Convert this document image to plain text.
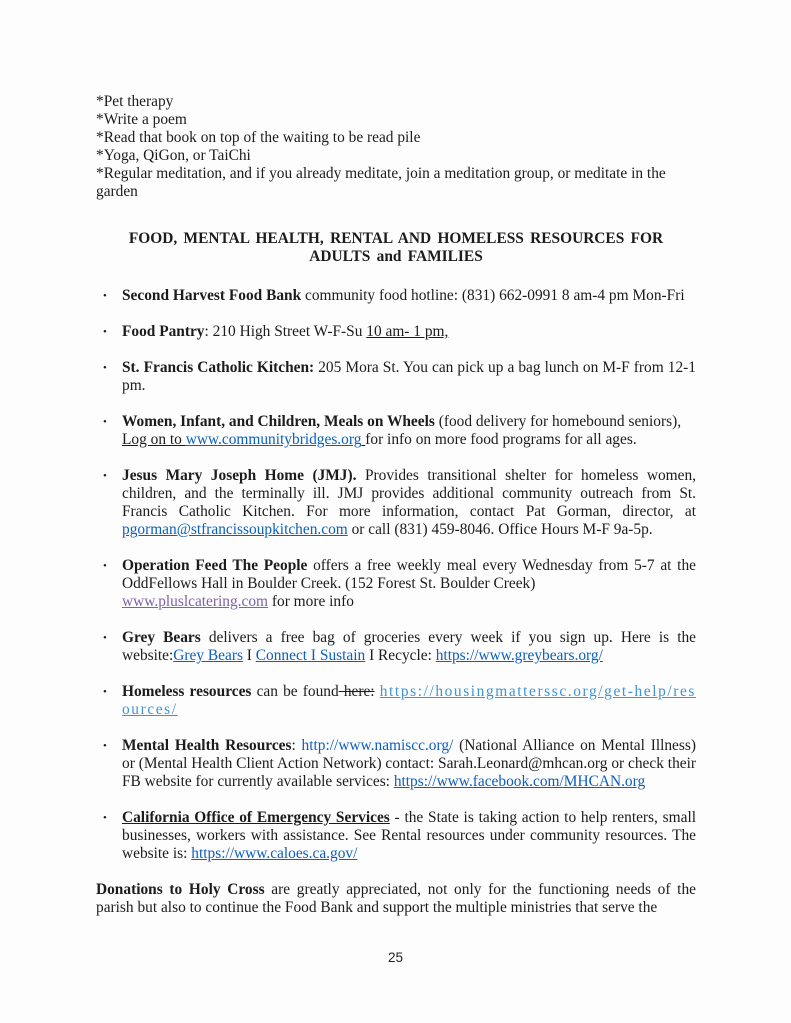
*Pet therapy
*Write a poem
*Read that book on top of the waiting to be read pile
*Yoga, QiGon, or TaiChi
*Regular meditation, and if you already meditate, join a meditation group, or meditate in the garden
FOOD, MENTAL HEALTH, RENTAL AND HOMELESS RESOURCES FOR ADULTS and FAMILIES
• Second Harvest Food Bank community food hotline: (831) 662-0991 8 am-4 pm Mon-Fri
• Food Pantry: 210 High Street W-F-Su 10 am- 1 pm,
• St. Francis Catholic Kitchen: 205 Mora St. You can pick up a bag lunch on M-F from 12-1 pm.
• Women, Infant, and Children, Meals on Wheels (food delivery for homebound seniors),
Log on to www.communitybridges.org for info on more food programs for all ages.
• Jesus Mary Joseph Home (JMJ). Provides transitional shelter for homeless women, children, and the terminally ill. JMJ provides additional community outreach from St. Francis Catholic Kitchen. For more information, contact Pat Gorman, director, at pgorman@stfrancissoupkitchen.com or call (831) 459-8046. Office Hours M-F 9a-5p.
• Operation Feed The People offers a free weekly meal every Wednesday from 5-7 at the OddFellows Hall in Boulder Creek. (152 Forest St. Boulder Creek)
www.pluslcatering.com for more info
• Grey Bears delivers a free bag of groceries every week if you sign up. Here is the website:Grey Bears I Connect I Sustain I Recycle: https://www.greybears.org/
• Homeless resources can be found here: https://housingmatterssc.org/get-help/resources/
• Mental Health Resources: http://www.namiscc.org/ (National Alliance on Mental Illness) or (Mental Health Client Action Network) contact: Sarah.Leonard@mhcan.org or check their FB website for currently available services: https://www.facebook.com/MHCAN.org
• California Office of Emergency Services - the State is taking action to help renters, small businesses, workers with assistance. See Rental resources under community resources. The website is: https://www.caloes.ca.gov/

Donations to Holy Cross are greatly appreciated, not only for the functioning needs of the parish but also to continue the Food Bank and support the multiple ministries that serve the

25
